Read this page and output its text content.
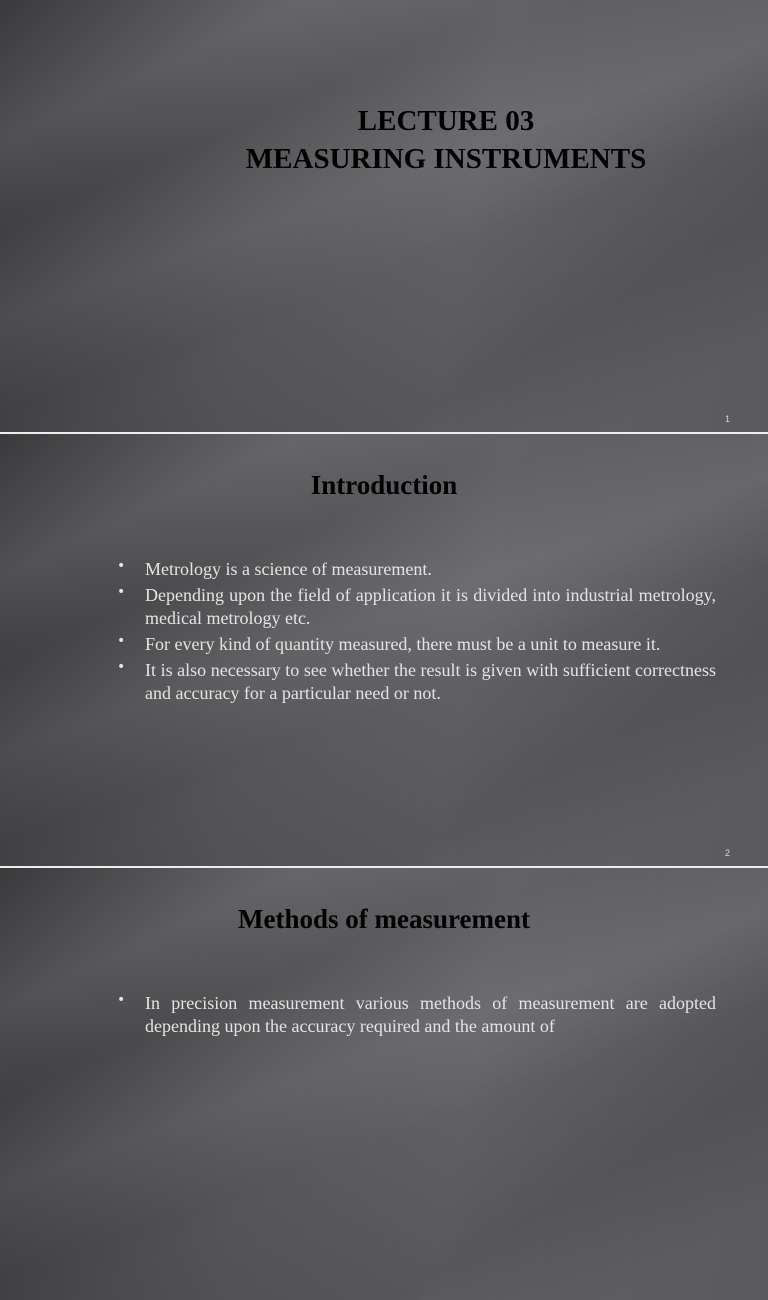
LECTURE 03
MEASURING INSTRUMENTS
1
Introduction
• Metrology is a science of measurement.
• Depending upon the field of application it is divided into industrial metrology, medical metrology etc.
• For every kind of quantity measured, there must be a unit to measure it.
• It is also necessary to see whether the result is given with sufficient correctness and accuracy for a particular need or not.
2
Methods of measurement
• In precision measurement various methods of measurement are adopted depending upon the accuracy required and the amount of
